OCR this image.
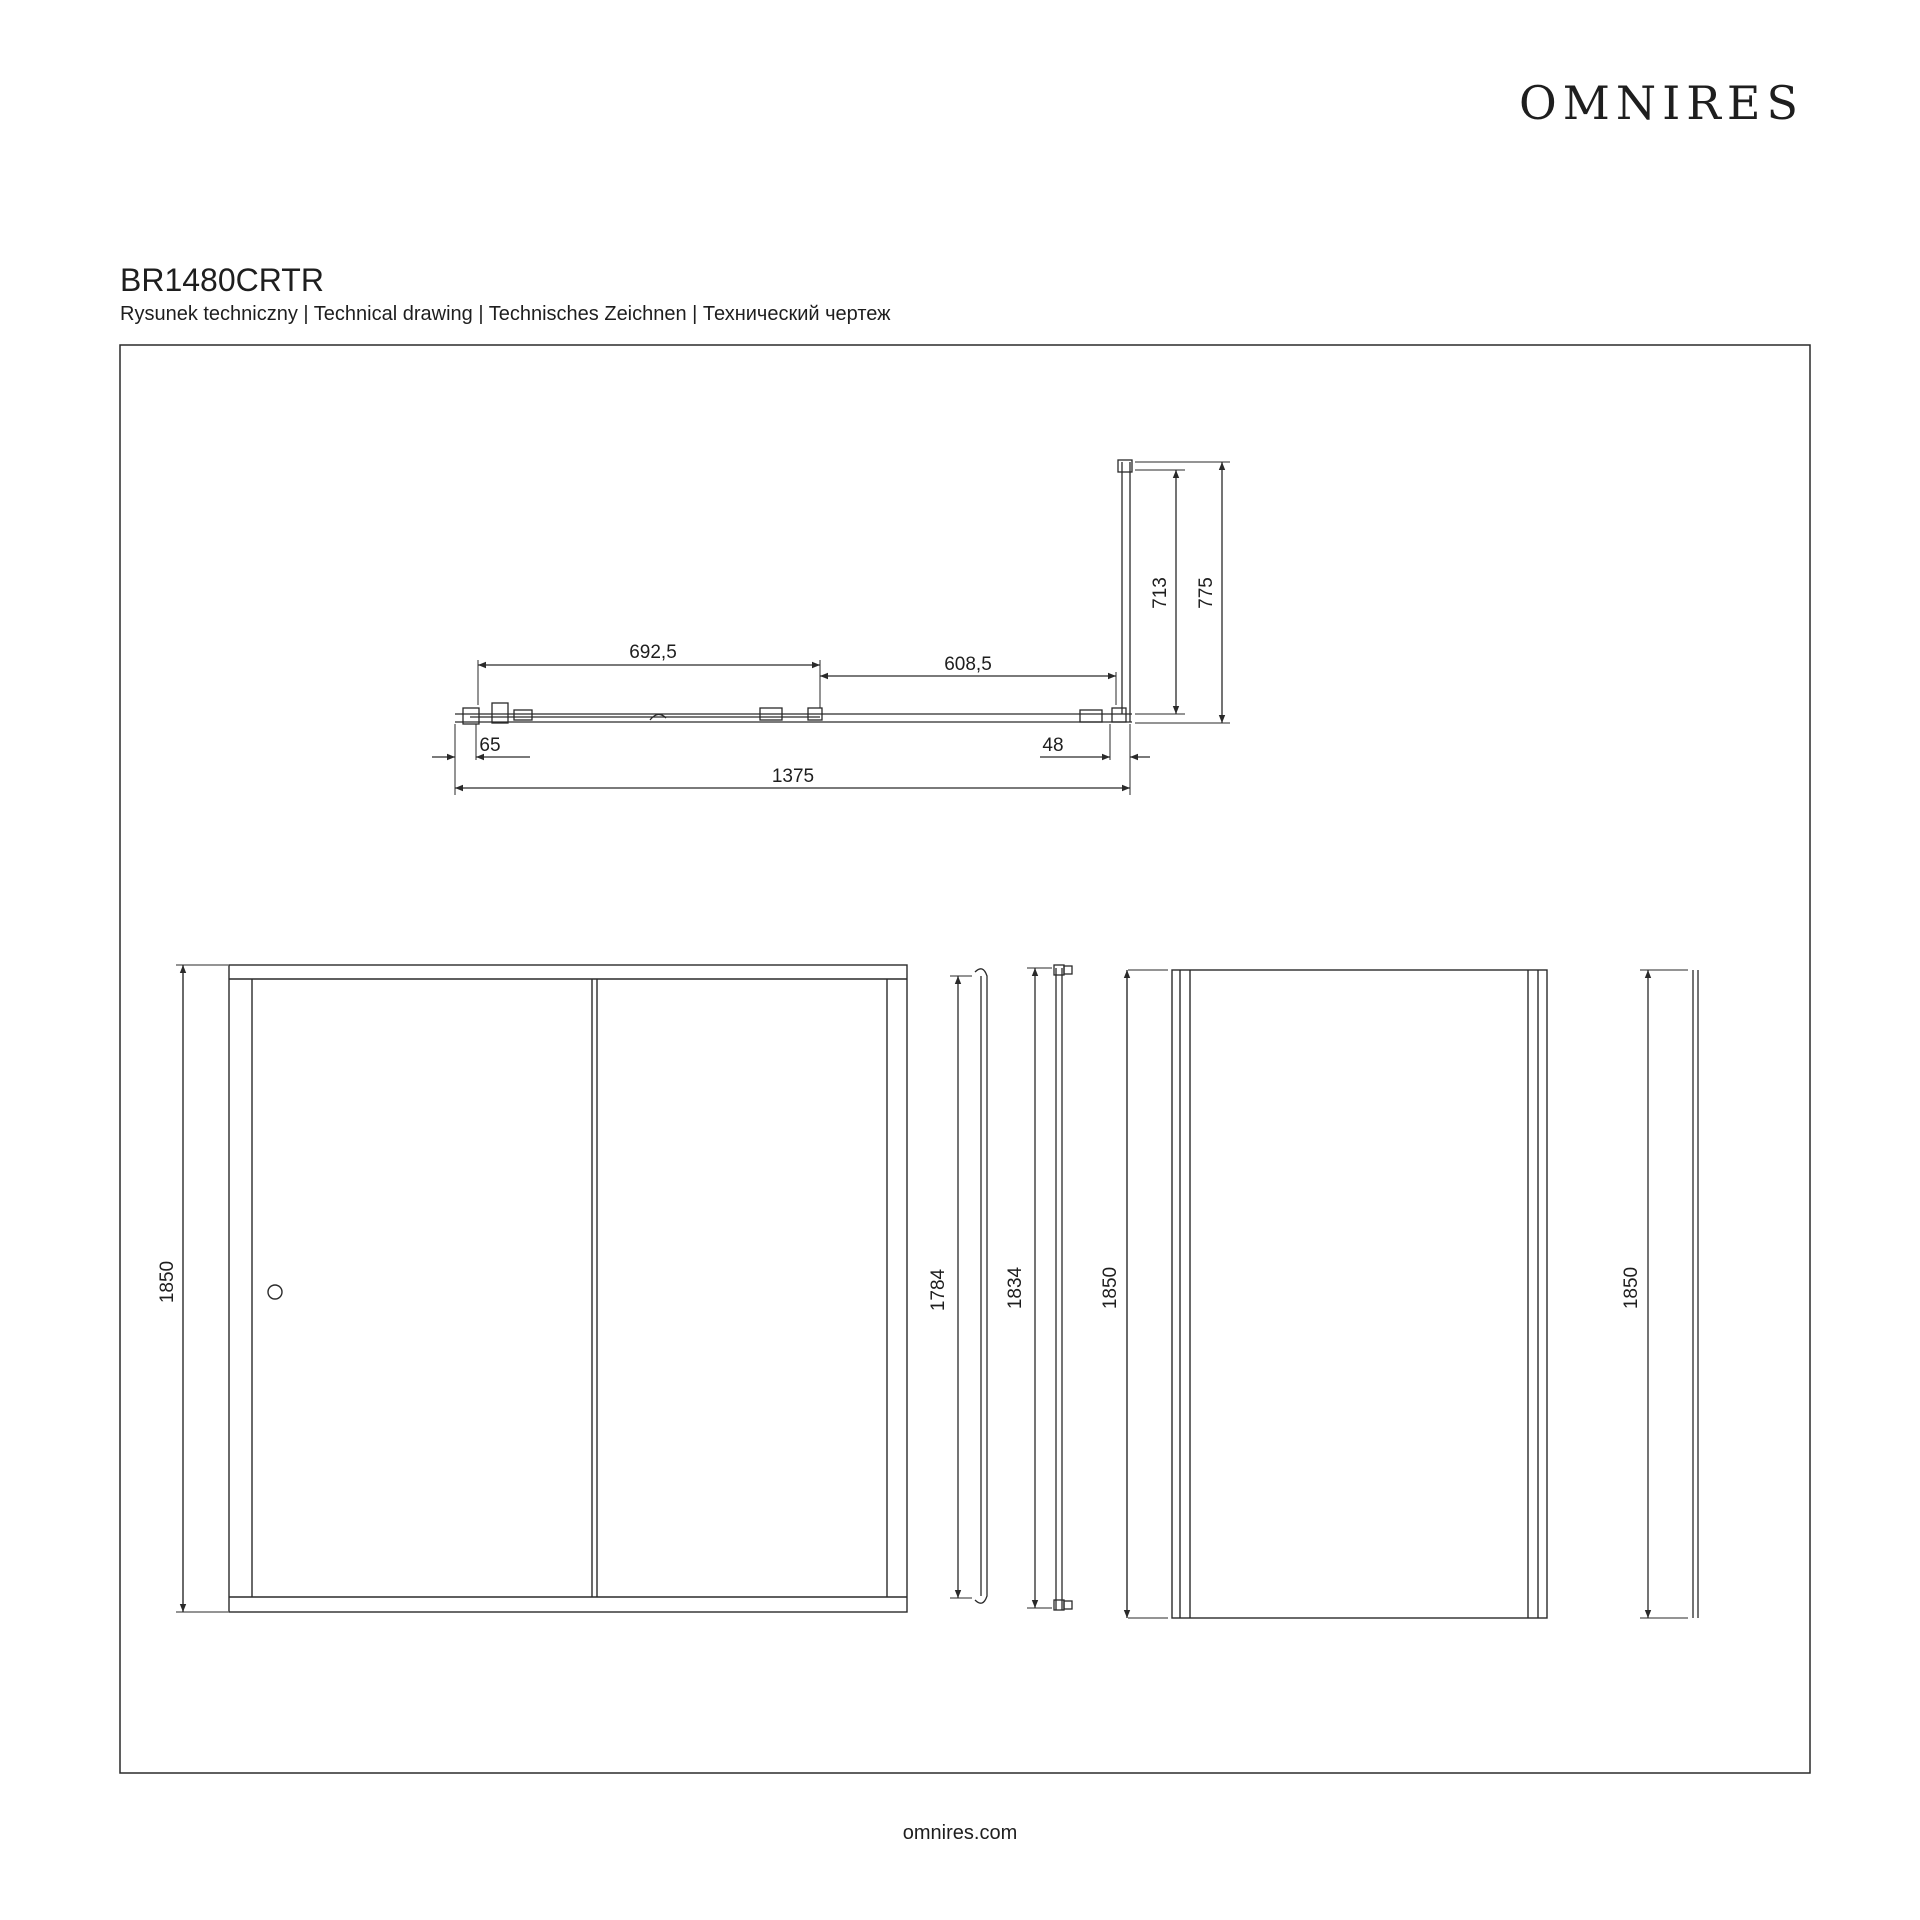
OMNIRES
BR1480CRTR
Rysunek techniczny | Technical drawing | Technisches Zeichnen | Технический чертеж
692,5
608,5
713 775
65	48
1375
1850	1784	1834	1850	1850
omnires.com
